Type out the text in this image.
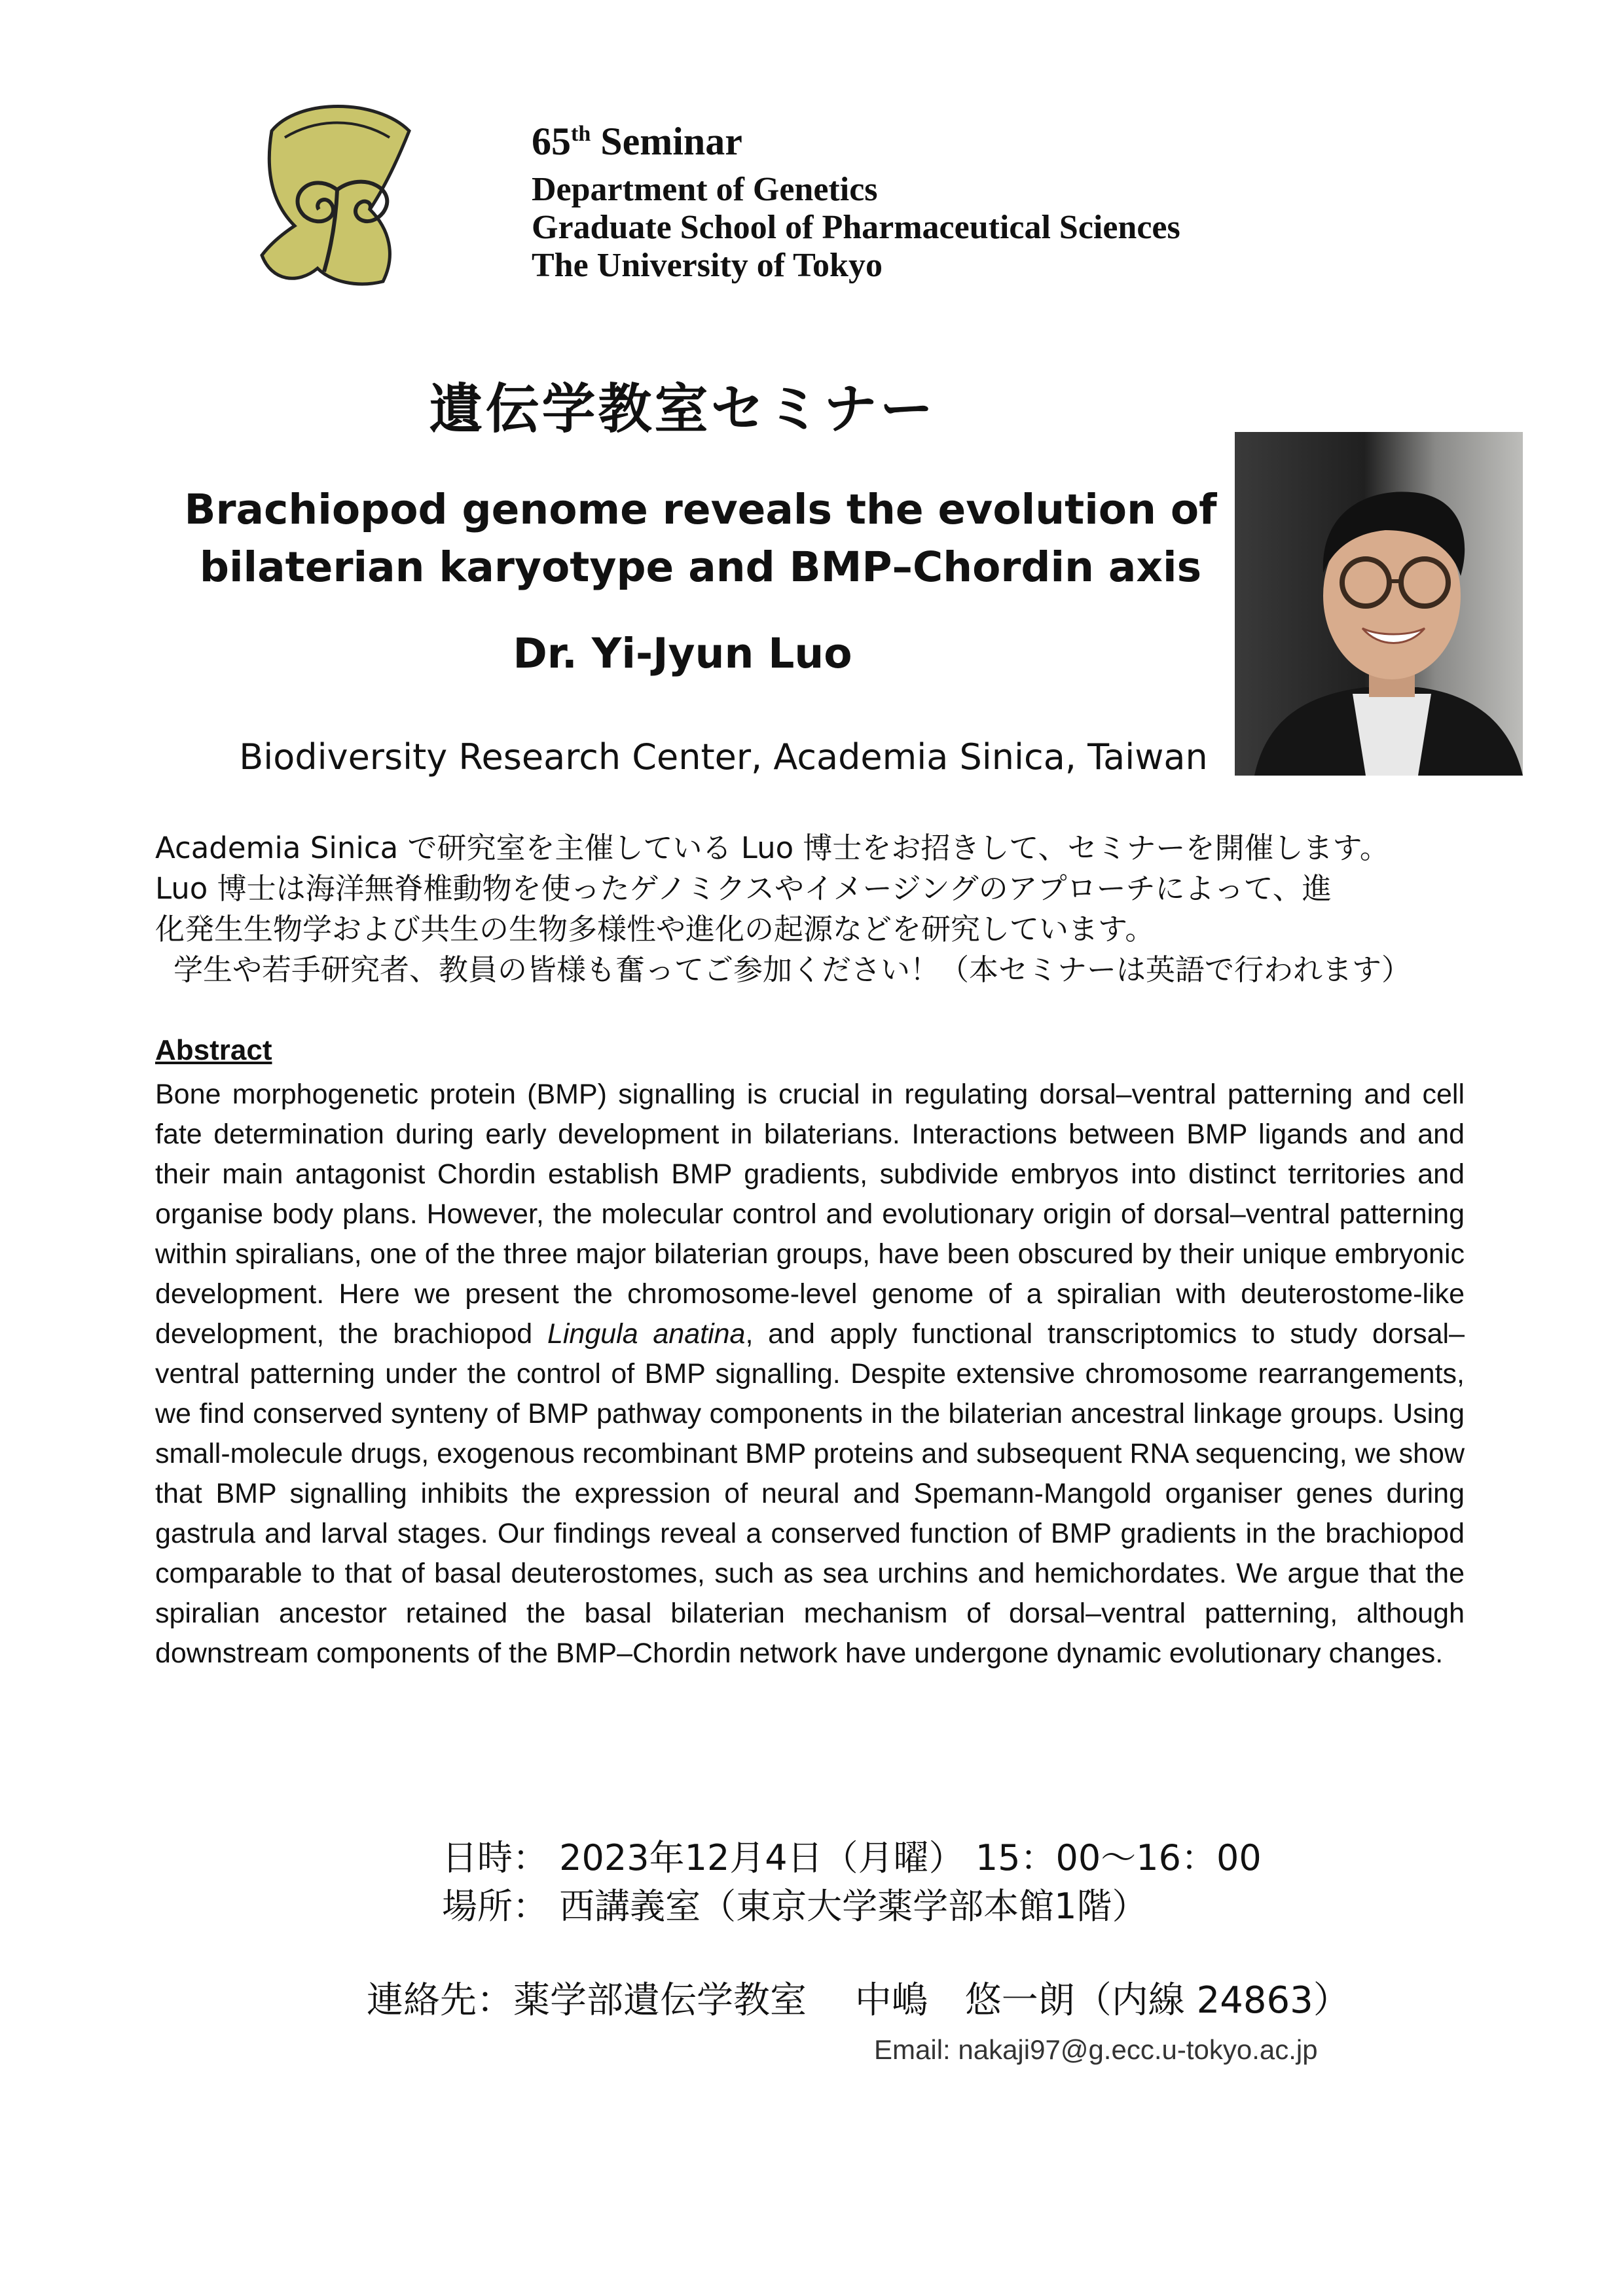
65th Seminar
Department of Genetics
Graduate School of Pharmaceutical Sciences
The University of Tokyo
遺伝学教室セミナー
Brachiopod genome reveals the evolution of
bilaterian karyotype and BMP–Chordin axis
Dr. Yi-Jyun Luo
Biodiversity Research Center, Academia Sinica, Taiwan
Academia Sinica で研究室を主催している Luo 博士をお招きして、セミナーを開催します。
Luo 博士は海洋無脊椎動物を使ったゲノミクスやイメージングのアプローチによって、進
化発生生物学および共生の生物多様性や進化の起源などを研究しています。
学生や若手研究者、教員の皆様も奮ってご参加ください！（本セミナーは英語で行われます）
Abstract
Bone morphogenetic protein (BMP) signalling is crucial in regulating dorsal–ventral patterning and cell fate determination during early development in bilaterians. Interactions between BMP ligands and and their main antagonist Chordin establish BMP gradients, subdivide embryos into distinct territories and organise body plans. However, the molecular control and evolutionary origin of dorsal–ventral patterning within spiralians, one of the three major bilaterian groups, have been obscured by their unique embryonic development. Here we present the chromosome-level genome of a spiralian with deuterostome-like development, the brachiopod Lingula anatina, and apply functional transcriptomics to study dorsal–ventral patterning under the control of BMP signalling. Despite extensive chromosome rearrangements, we find conserved synteny of BMP pathway components in the bilaterian ancestral linkage groups. Using small-molecule drugs, exogenous recombinant BMP proteins and subsequent RNA sequencing, we show that BMP signalling inhibits the expression of neural and Spemann-Mangold organiser genes during gastrula and larval stages. Our findings reveal a conserved function of BMP gradients in the brachiopod comparable to that of basal deuterostomes, such as sea urchins and hemichordates. We argue that the spiralian ancestor retained the basal bilaterian mechanism of dorsal–ventral patterning, although downstream components of the BMP–Chordin network have undergone dynamic evolutionary changes.
日時： 2023年12月4日（月曜） 15：00～16：00
場所： 西講義室（東京大学薬学部本館1階）
連絡先：薬学部遺伝学教室　 中嶋　悠一朗（内線 24863）
Email: nakaji97@g.ecc.u-tokyo.ac.jp
